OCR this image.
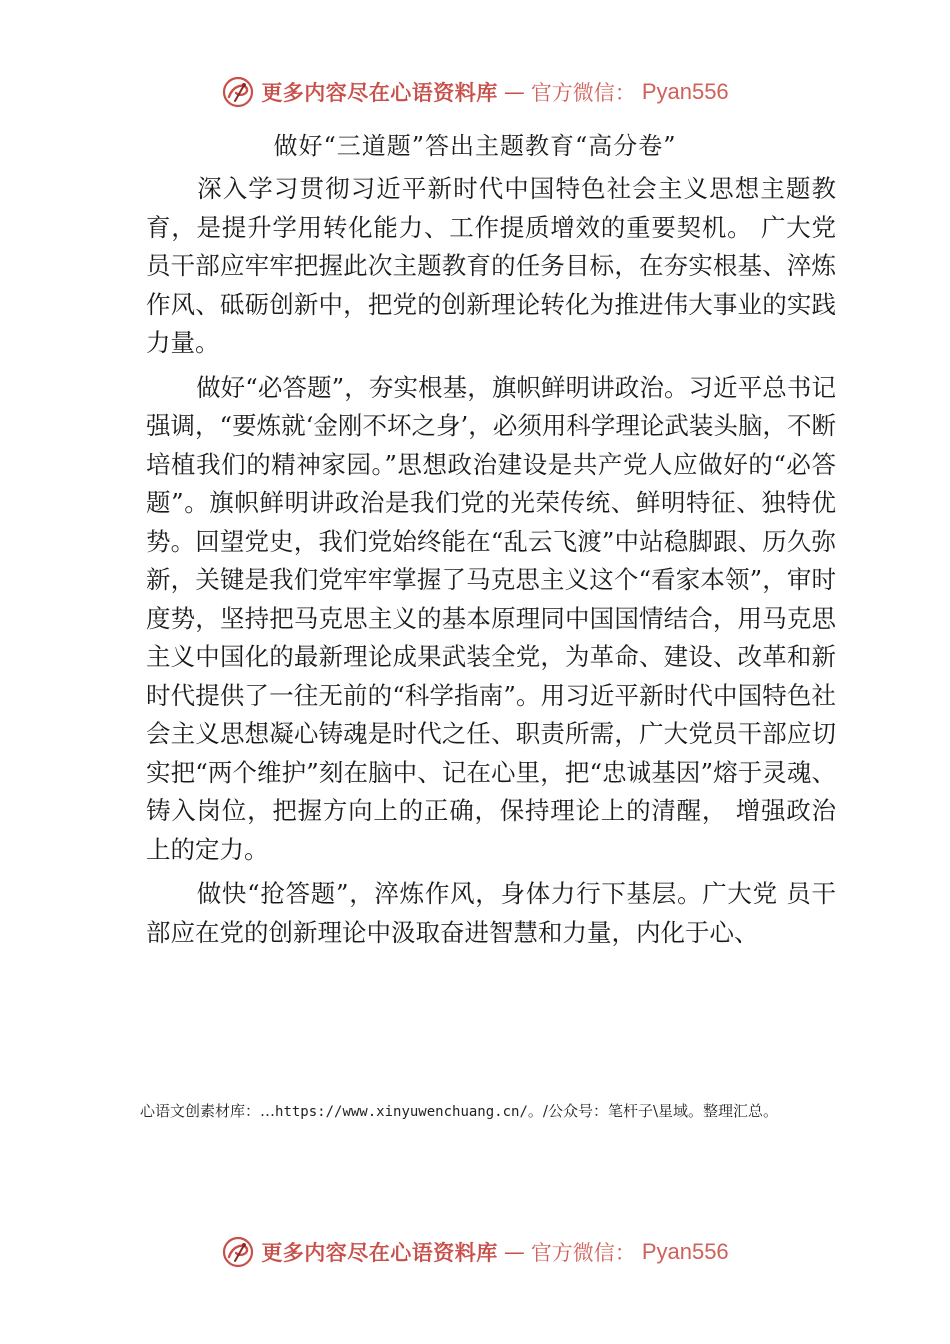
更多内容尽在心语资料库 — 官方微信： Pyan556
做好“三道题”答出主题教育“高分卷”

深入学习贯彻习近平新时代中国特色社会主义思想主题教育，是提升学用转化能力、工作提质增效的重要契机。 广大党员干部应牢牢把握此次主题教育的任务目标，在夯实根基、淬炼作风、砥砺创新中，把党的创新理论转化为推进伟大事业的实践力量。

做好“必答题”，夯实根基，旗帜鲜明讲政治。习近平总书记强调，“要炼就‘金刚不坏之身’，必须用科学理论武装头脑，不断培植我们的精神家园。”思想政治建设是共产党人应做好的“必答题”。旗帜鲜明讲政治是我们党的光荣传统、鲜明特征、独特优势。回望党史，我们党始终能在“乱云飞渡”中站稳脚跟、历久弥新，关键是我们党牢牢掌握了马克思主义这个“看家本领”，审时度势，坚持把马克思主义的基本原理同中国国情结合，用马克思主义中国化的最新理论成果武装全党，为革命、建设、改革和新时代提供了一往无前的“科学指南”。用习近平新时代中国特色社会主义思想凝心铸魂是时代之任、职责所需，广大党员干部应切实把“两个维护”刻在脑中、记在心里，把“忠诚基因”熔于灵魂、铸入岗位，把握方向上的正确，保持理论上的清醒， 增强政治上的定力。

做快“抢答题”，淬炼作风，身体力行下基层。广大党 员干部应在党的创新理论中汲取奋进智慧和力量，内化于心、

心语文创素材库：…https://www.xinyuwenchuang.cn/。/公众号：笔杆子\星域。整理汇总。
更多内容尽在心语资料库 — 官方微信： Pyan556
